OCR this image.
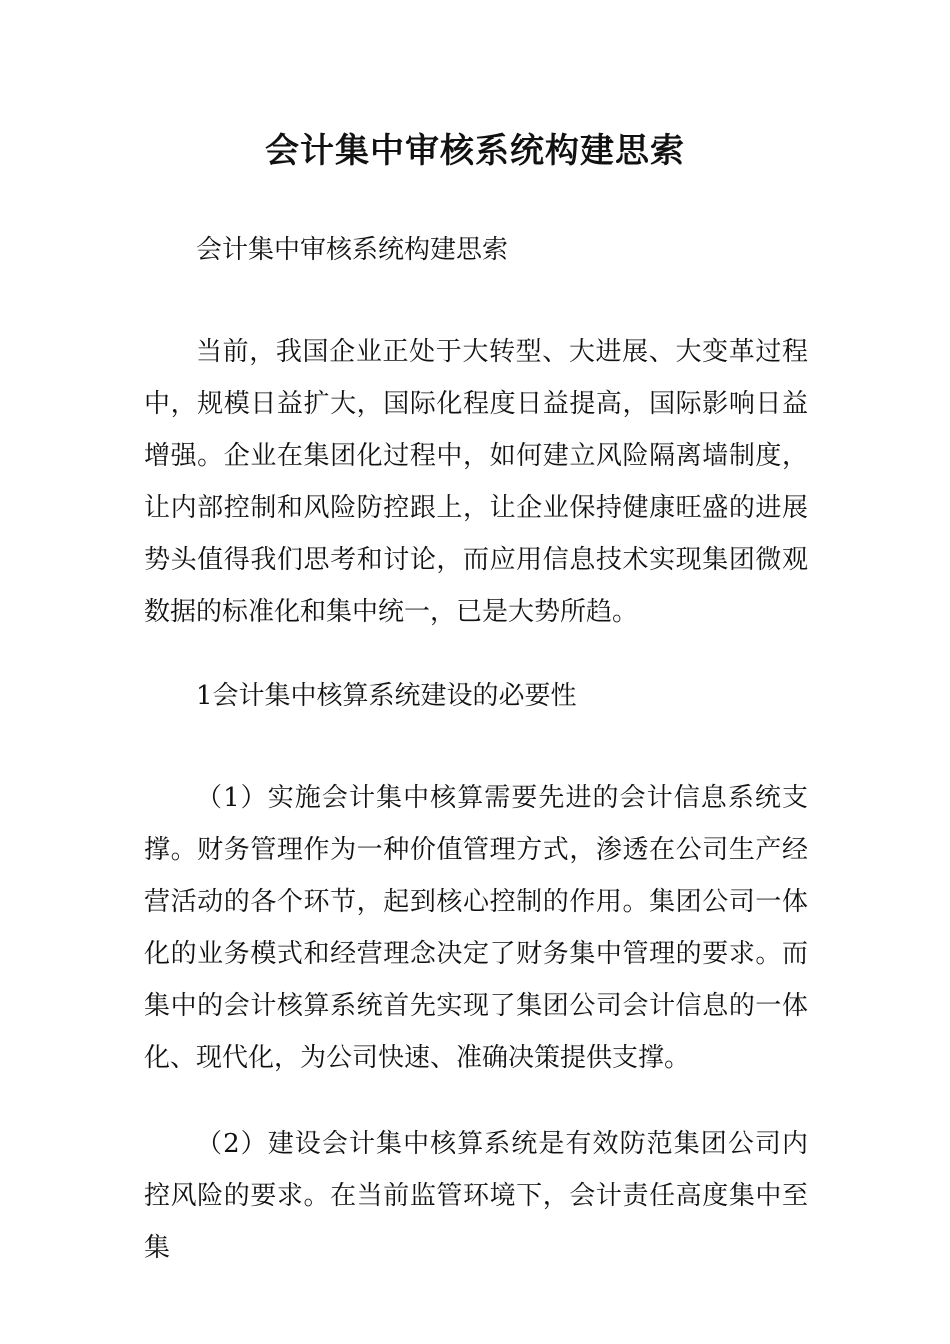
会计集中审核系统构建思索

会计集中审核系统构建思索

当前，我国企业正处于大转型、大进展、大变革过程中，规模日益扩大，国际化程度日益提高，国际影响日益增强。企业在集团化过程中，如何建立风险隔离墙制度，让内部控制和风险防控跟上，让企业保持健康旺盛的进展势头值得我们思考和讨论，而应用信息技术实现集团微观数据的标准化和集中统一，已是大势所趋。

1会计集中核算系统建设的必要性

（1）实施会计集中核算需要先进的会计信息系统支撑。财务管理作为一种价值管理方式，渗透在公司生产经营活动的各个环节，起到核心控制的作用。集团公司一体化的业务模式和经营理念决定了财务集中管理的要求。而集中的会计核算系统首先实现了集团公司会计信息的一体化、现代化，为公司快速、准确决策提供支撑。

（2）建设会计集中核算系统是有效防范集团公司内控风险的要求。在当前监管环境下，会计责任高度集中至集
